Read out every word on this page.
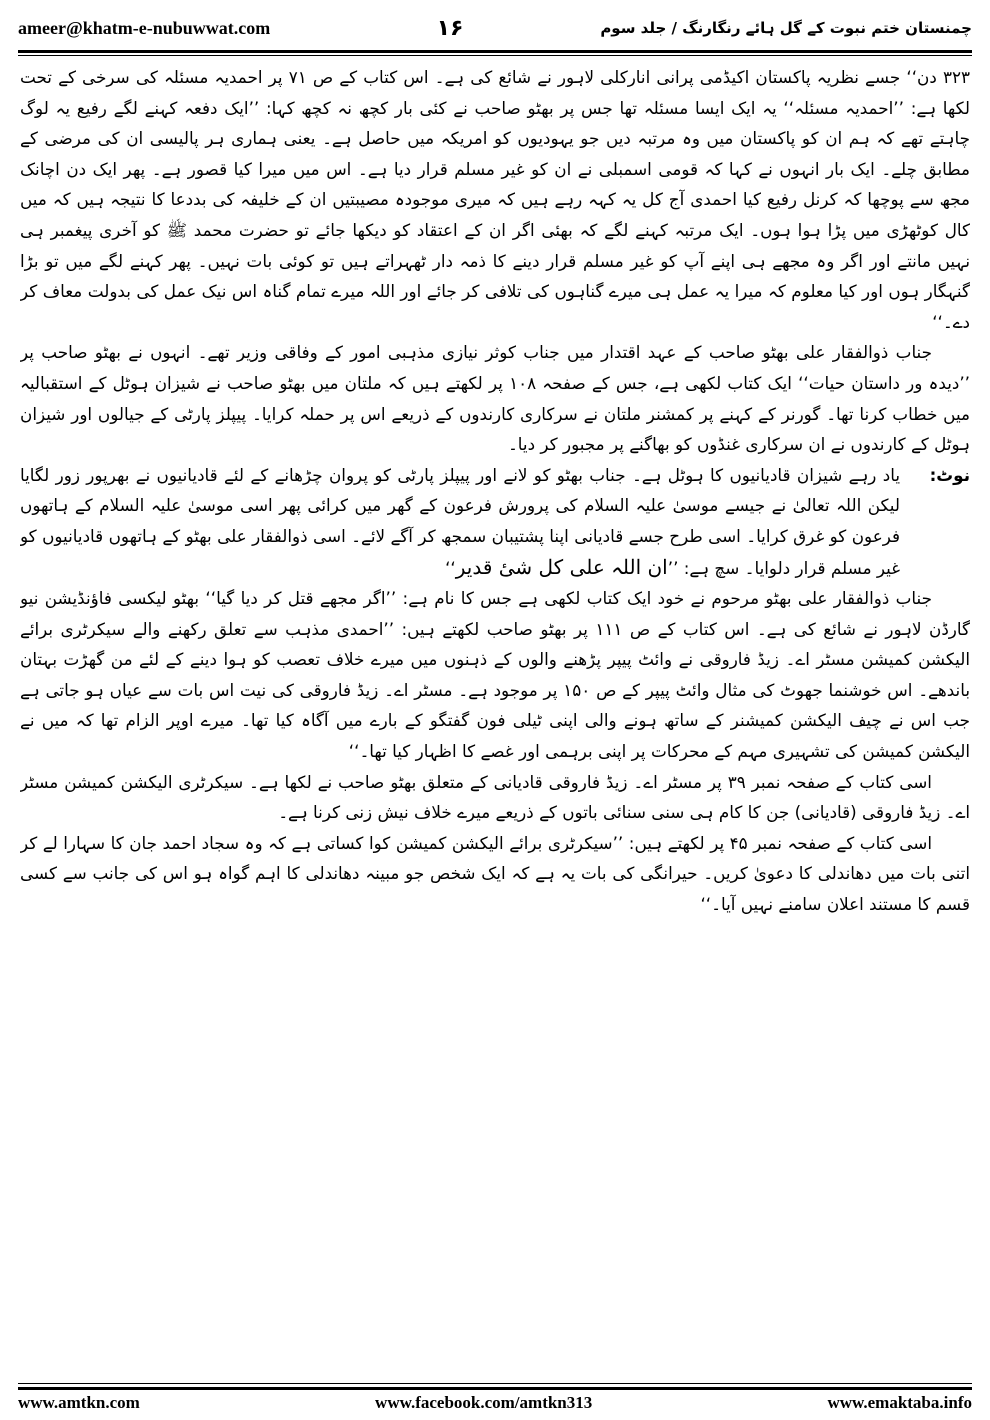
ameer@khatm-e-nubuwwat.com	۱۶	چمنستان ختم نبوت کے گل ہائے رنگارنگ / جلد سوم

۳۲۳ دن‘‘ جسے نظریہ پاکستان اکیڈمی پرانی انارکلی لاہور نے شائع کی ہے۔ اس کتاب کے ص ۷۱ پر احمدیہ مسئلہ کی سرخی کے تحت لکھا ہے: ’’احمدیہ مسئلہ‘‘ یہ ایک ایسا مسئلہ تھا جس پر بھٹو صاحب نے کئی بار کچھ نہ کچھ کہا: ’’ایک دفعہ کہنے لگے رفیع یہ لوگ چاہتے تھے کہ ہم ان کو پاکستان میں وہ مرتبہ دیں جو یہودیوں کو امریکہ میں حاصل ہے۔ یعنی ہماری ہر پالیسی ان کی مرضی کے مطابق چلے۔ ایک بار انہوں نے کہا کہ قومی اسمبلی نے ان کو غیر مسلم قرار دیا ہے۔ اس میں میرا کیا قصور ہے۔ پھر ایک دن اچانک مجھ سے پوچھا کہ کرنل رفیع کیا احمدی آج کل یہ کہہ رہے ہیں کہ میری موجودہ مصیبتیں ان کے خلیفہ کی بددعا کا نتیجہ ہیں کہ میں کال کوٹھڑی میں پڑا ہوا ہوں۔ ایک مرتبہ کہنے لگے کہ بھئی اگر ان کے اعتقاد کو دیکھا جائے تو حضرت محمد ﷺ کو آخری پیغمبر ہی نہیں مانتے اور اگر وہ مجھے ہی اپنے آپ کو غیر مسلم قرار دینے کا ذمہ دار ٹھہراتے ہیں تو کوئی بات نہیں۔ پھر کہنے لگے میں تو بڑا گنہگار ہوں اور کیا معلوم کہ میرا یہ عمل ہی میرے گناہوں کی تلافی کر جائے اور اللہ میرے تمام گناہ اس نیک عمل کی بدولت معاف کر دے۔‘‘

جناب ذوالفقار علی بھٹو صاحب کے عہد اقتدار میں جناب کوثر نیازی مذہبی امور کے وفاقی وزیر تھے۔ انہوں نے بھٹو صاحب پر ’’دیدہ ور داستان حیات‘‘ ایک کتاب لکھی ہے، جس کے صفحہ ۱۰۸ پر لکھتے ہیں کہ ملتان میں بھٹو صاحب نے شیزان ہوٹل کے استقبالیہ میں خطاب کرنا تھا۔ گورنر کے کہنے پر کمشنر ملتان نے سرکاری کارندوں کے ذریعے اس پر حملہ کرایا۔ پیپلز پارٹی کے جیالوں اور شیزان ہوٹل کے کارندوں نے ان سرکاری غنڈوں کو بھاگنے پر مجبور کر دیا۔

نوٹ:
یاد رہے شیزان قادیانیوں کا ہوٹل ہے۔ جناب بھٹو کو لانے اور پیپلز پارٹی کو پروان چڑھانے کے لئے قادیانیوں نے بھرپور زور لگایا لیکن اللہ تعالیٰ نے جیسے موسیٰ علیہ السلام کی پرورش فرعون کے گھر میں کرائی پھر اسی موسیٰ علیہ السلام کے ہاتھوں فرعون کو غرق کرایا۔ اسی طرح جسے قادیانی اپنا پشتیبان سمجھ کر آگے لائے۔ اسی ذوالفقار علی بھٹو کے ہاتھوں قادیانیوں کو غیر مسلم قرار دلوایا۔ سچ ہے: ’’ان اللہ علی کل شیٔ قدیر‘‘

جناب ذوالفقار علی بھٹو مرحوم نے خود ایک کتاب لکھی ہے جس کا نام ہے: ’’اگر مجھے قتل کر دیا گیا‘‘ بھٹو لیکسی فاؤنڈیشن نیو گارڈن لاہور نے شائع کی ہے۔ اس کتاب کے ص ۱۱۱ پر بھٹو صاحب لکھتے ہیں: ’’احمدی مذہب سے تعلق رکھنے والے سیکرٹری برائے الیکشن کمیشن مسٹر اے۔ زیڈ فاروقی نے وائٹ پیپر پڑھنے والوں کے ذہنوں میں میرے خلاف تعصب کو ہوا دینے کے لئے من گھڑت بہتان باندھے۔ اس خوشنما جھوٹ کی مثال وائٹ پیپر کے ص ۱۵۰ پر موجود ہے۔ مسٹر اے۔ زیڈ فاروقی کی نیت اس بات سے عیاں ہو جاتی ہے جب اس نے چیف الیکشن کمیشنر کے ساتھ ہونے والی اپنی ٹیلی فون گفتگو کے بارے میں آگاہ کیا تھا۔ میرے اوپر الزام تھا کہ میں نے الیکشن کمیشن کی تشہیری مہم کے محرکات پر اپنی برہمی اور غصے کا اظہار کیا تھا۔‘‘

اسی کتاب کے صفحہ نمبر ۳۹ پر مسٹر اے۔ زیڈ فاروقی قادیانی کے متعلق بھٹو صاحب نے لکھا ہے۔ سیکرٹری الیکشن کمیشن مسٹر اے۔ زیڈ فاروقی (قادیانی) جن کا کام ہی سنی سنائی باتوں کے ذریعے میرے خلاف نیش زنی کرنا ہے۔

اسی کتاب کے صفحہ نمبر ۴۵ پر لکھتے ہیں: ’’سیکرٹری برائے الیکشن کمیشن کوا کساتی ہے کہ وہ سجاد احمد جان کا سہارا لے کر اتنی بات میں دھاندلی کا دعویٰ کریں۔ حیرانگی کی بات یہ ہے کہ ایک شخص جو مبینہ دھاندلی کا اہم گواہ ہو اس کی جانب سے کسی قسم کا مستند اعلان سامنے نہیں آیا۔‘‘

www.amtkn.com	www.facebook.com/amtkn313	www.emaktaba.info
